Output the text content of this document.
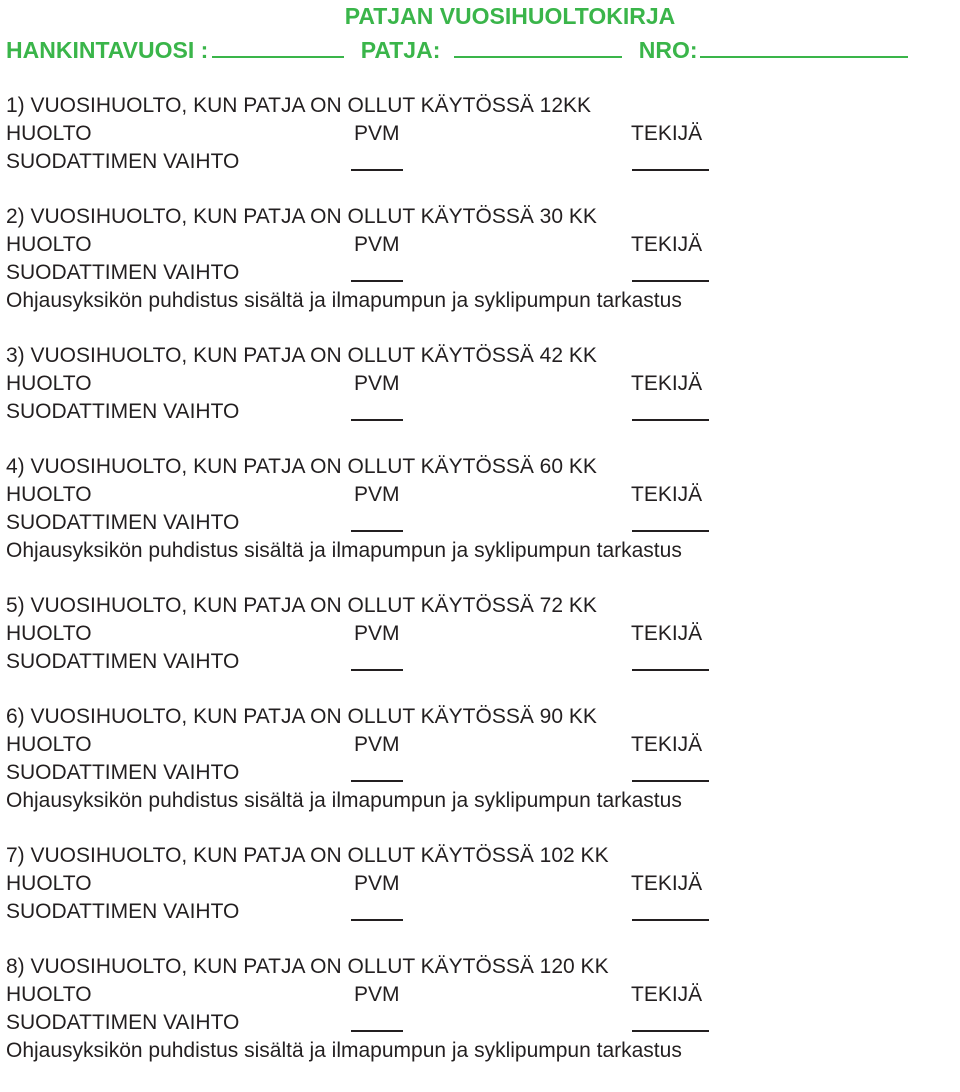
PATJAN VUOSIHUOLTOKIRJA
HANKINTAVUOSI :	PATJA:	NRO:
1) VUOSIHUOLTO, KUN PATJA ON OLLUT KÄYTÖSSÄ 12KK
HUOLTO	PVM	TEKIJÄ
SUODATTIMEN VAIHTO
2) VUOSIHUOLTO, KUN PATJA ON OLLUT KÄYTÖSSÄ 30 KK
HUOLTO	PVM	TEKIJÄ
SUODATTIMEN VAIHTO
Ohjausyksikön puhdistus sisältä ja ilmapumpun ja syklipumpun tarkastus
3) VUOSIHUOLTO, KUN PATJA ON OLLUT KÄYTÖSSÄ 42 KK
HUOLTO	PVM	TEKIJÄ
SUODATTIMEN VAIHTO
4) VUOSIHUOLTO, KUN PATJA ON OLLUT KÄYTÖSSÄ 60 KK
HUOLTO	PVM	TEKIJÄ
SUODATTIMEN VAIHTO
Ohjausyksikön puhdistus sisältä ja ilmapumpun ja syklipumpun tarkastus
5) VUOSIHUOLTO, KUN PATJA ON OLLUT KÄYTÖSSÄ 72 KK
HUOLTO	PVM	TEKIJÄ
SUODATTIMEN VAIHTO
6) VUOSIHUOLTO, KUN PATJA ON OLLUT KÄYTÖSSÄ 90 KK
HUOLTO	PVM	TEKIJÄ
SUODATTIMEN VAIHTO
Ohjausyksikön puhdistus sisältä ja ilmapumpun ja syklipumpun tarkastus
7) VUOSIHUOLTO, KUN PATJA ON OLLUT KÄYTÖSSÄ 102 KK
HUOLTO	PVM	TEKIJÄ
SUODATTIMEN VAIHTO
8) VUOSIHUOLTO, KUN PATJA ON OLLUT KÄYTÖSSÄ 120 KK
HUOLTO	PVM	TEKIJÄ
SUODATTIMEN VAIHTO
Ohjausyksikön puhdistus sisältä ja ilmapumpun ja syklipumpun tarkastus
